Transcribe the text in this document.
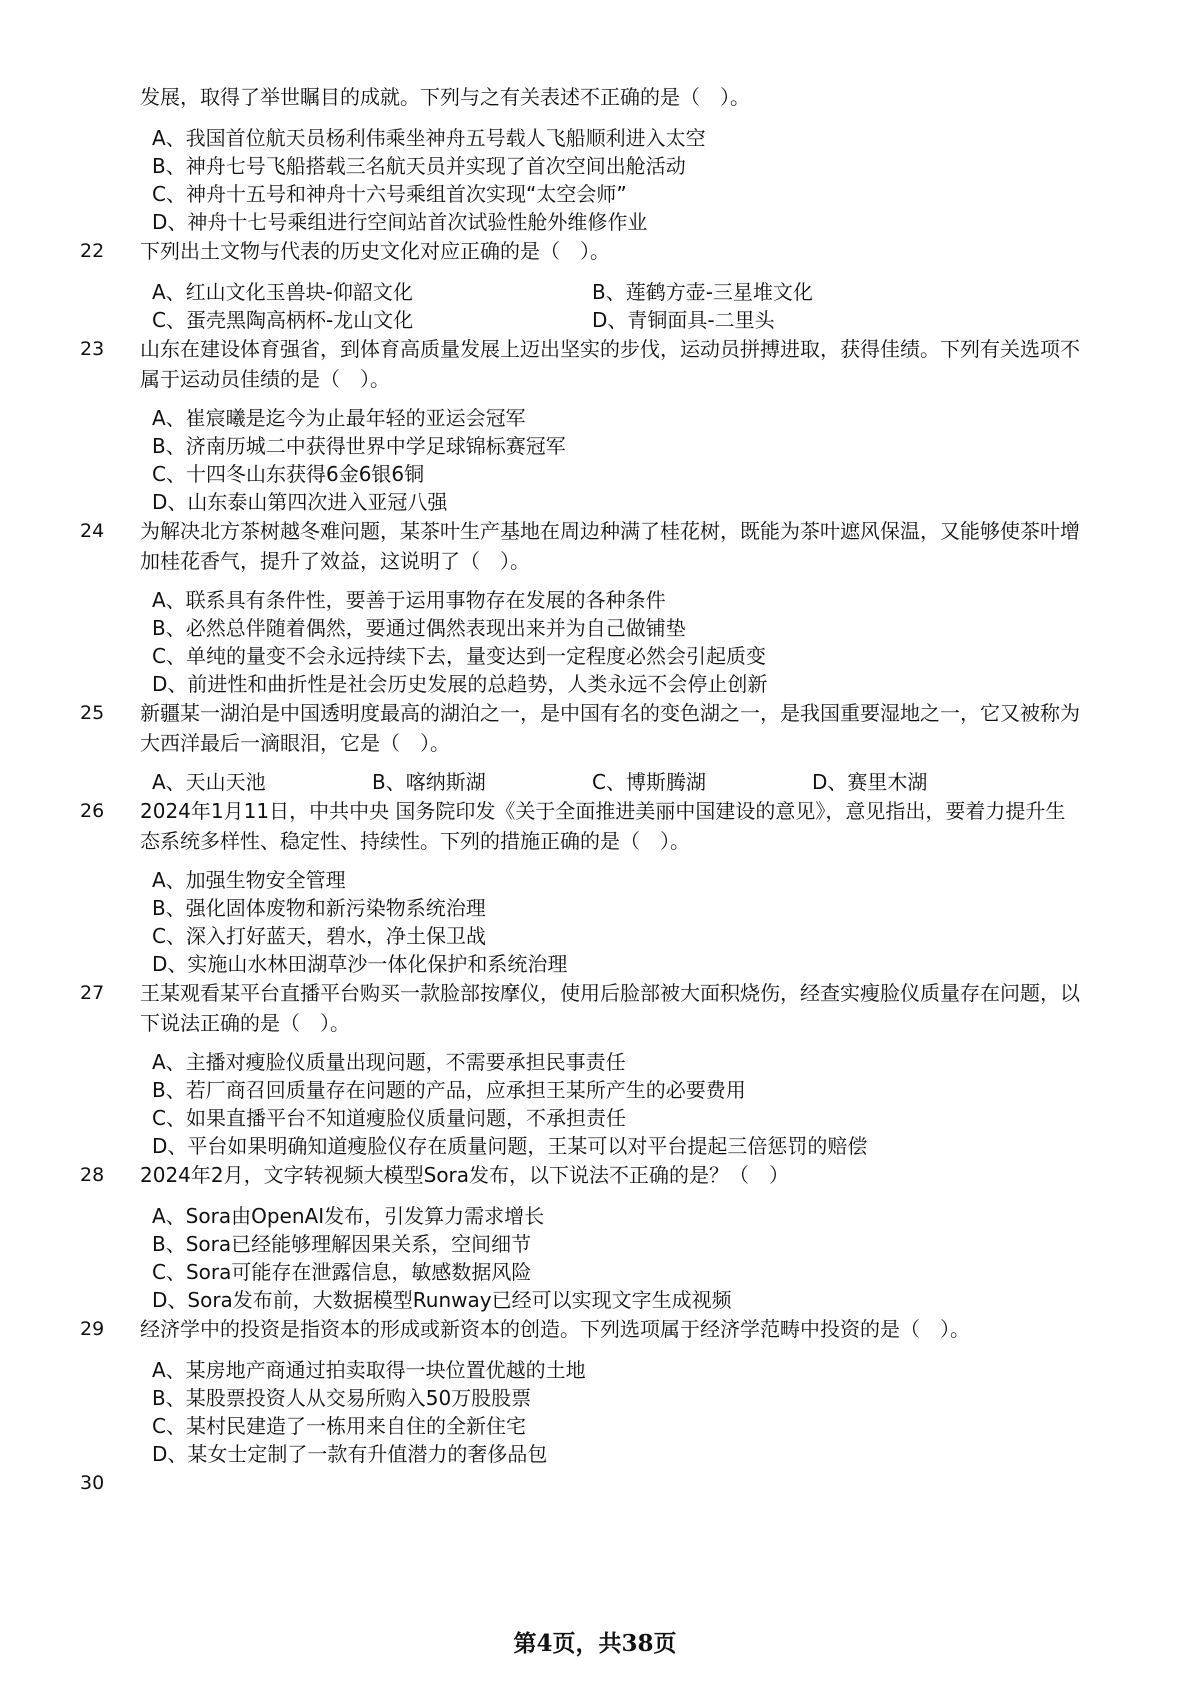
发展，取得了举世瞩目的成就。下列与之有关表述不正确的是（　）。

A、我国首位航天员杨利伟乘坐神舟五号载人飞船顺利进入太空
B、神舟七号飞船搭载三名航天员并实现了首次空间出舱活动
C、神舟十五号和神舟十六号乘组首次实现“太空会师”
D、神舟十七号乘组进行空间站首次试验性舱外维修作业
22	下列出土文物与代表的历史文化对应正确的是（　）。

A、红山文化玉兽块-仰韶文化	B、莲鹤方壶-三星堆文化
C、蛋壳黑陶高柄杯-龙山文化	D、青铜面具-二里头
23	山东在建设体育强省，到体育高质量发展上迈出坚实的步伐，运动员拼搏进取，获得佳绩。下列有关选项不属于运动员佳绩的是（　）。

A、崔宸曦是迄今为止最年轻的亚运会冠军
B、济南历城二中获得世界中学足球锦标赛冠军
C、十四冬山东获得6金6银6铜
D、山东泰山第四次进入亚冠八强
24	为解决北方茶树越冬难问题，某茶叶生产基地在周边种满了桂花树，既能为茶叶遮风保温，又能够使茶叶增加桂花香气，提升了效益，这说明了（　）。

A、联系具有条件性，要善于运用事物存在发展的各种条件
B、必然总伴随着偶然，要通过偶然表现出来并为自己做铺垫
C、单纯的量变不会永远持续下去，量变达到一定程度必然会引起质变
D、前进性和曲折性是社会历史发展的总趋势，人类永远不会停止创新
25	新疆某一湖泊是中国透明度最高的湖泊之一，是中国有名的变色湖之一，是我国重要湿地之一，它又被称为大西洋最后一滴眼泪，它是（　）。

A、天山天池	B、喀纳斯湖	C、博斯腾湖	D、赛里木湖
26	2024年1月11日，中共中央 国务院印发《关于全面推进美丽中国建设的意见》，意见指出，要着力提升生态系统多样性、稳定性、持续性。下列的措施正确的是（　）。

A、加强生物安全管理
B、强化固体废物和新污染物系统治理
C、深入打好蓝天，碧水，净土保卫战
D、实施山水林田湖草沙一体化保护和系统治理
27	王某观看某平台直播平台购买一款脸部按摩仪，使用后脸部被大面积烧伤，经查实瘦脸仪质量存在问题，以下说法正确的是（　）。

A、主播对瘦脸仪质量出现问题，不需要承担民事责任
B、若厂商召回质量存在问题的产品，应承担王某所产生的必要费用
C、如果直播平台不知道瘦脸仪质量问题，不承担责任
D、平台如果明确知道瘦脸仪存在质量问题，王某可以对平台提起三倍惩罚的赔偿
28	2024年2月，文字转视频大模型Sora发布，以下说法不正确的是？（　）

A、Sora由OpenAI发布，引发算力需求增长
B、Sora已经能够理解因果关系，空间细节
C、Sora可能存在泄露信息，敏感数据风险
D、Sora发布前，大数据模型Runway已经可以实现文字生成视频
29	经济学中的投资是指资本的形成或新资本的创造。下列选项属于经济学范畴中投资的是（　）。

A、某房地产商通过拍卖取得一块位置优越的土地
B、某股票投资人从交易所购入50万股股票
C、某村民建造了一栋用来自住的全新住宅
D、某女士定制了一款有升值潜力的奢侈品包
30
第4页，共38页
